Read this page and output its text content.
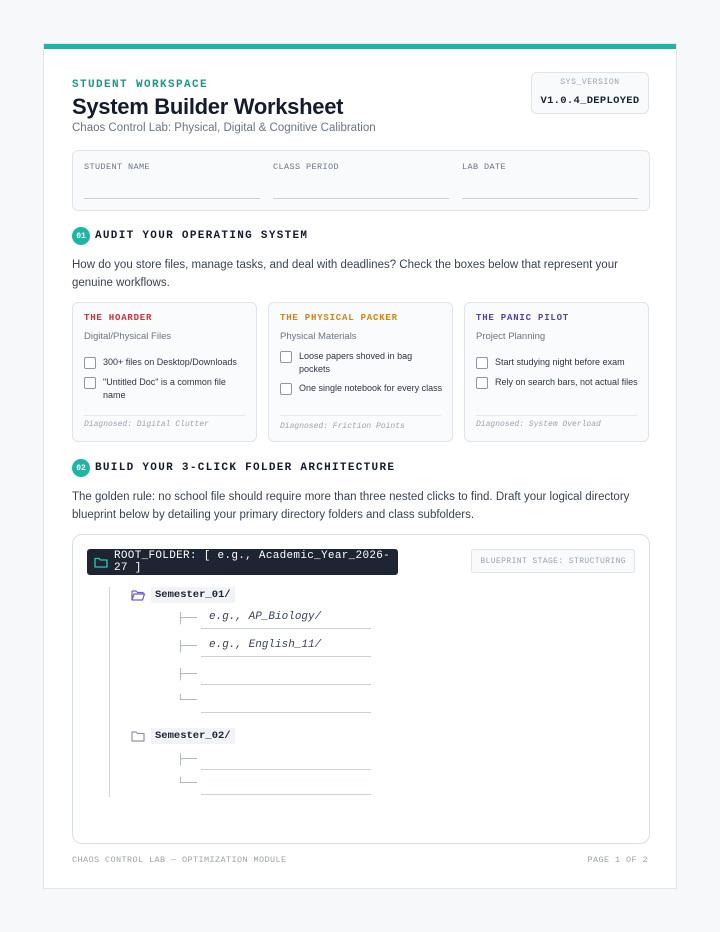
STUDENT WORKSPACE
System Builder Worksheet
Chaos Control Lab: Physical, Digital & Cognitive Calibration
SYS_VERSION
V1.0.4_DEPLOYED
STUDENT NAME	CLASS PERIOD	LAB DATE
01 AUDIT YOUR OPERATING SYSTEM
How do you store files, manage tasks, and deal with deadlines? Check the boxes below that represent your genuine workflows.
THE HOARDER
Digital/Physical Files
300+ files on Desktop/Downloads
"Untitled Doc" is a common file name
Diagnosed: Digital Clutter
THE PHYSICAL PACKER
Physical Materials
Loose papers shoved in bag pockets
One single notebook for every class
Diagnosed: Friction Points
THE PANIC PILOT
Project Planning
Start studying night before exam
Rely on search bars, not actual files
Diagnosed: System Overload
02 BUILD YOUR 3-CLICK FOLDER ARCHITECTURE
The golden rule: no school file should require more than three nested clicks to find. Draft your logical directory blueprint below by detailing your primary directory folders and class subfolders.
ROOT_FOLDER: [ e.g., Academic_Year_2026-27 ]
BLUEPRINT STAGE: STRUCTURING
Semester_01/
├──	e.g., AP_Biology/
├──	e.g., English_11/
├──
└──
Semester_02/
├──
└──
CHAOS CONTROL LAB — OPTIMIZATION MODULE	PAGE 1 OF 2
